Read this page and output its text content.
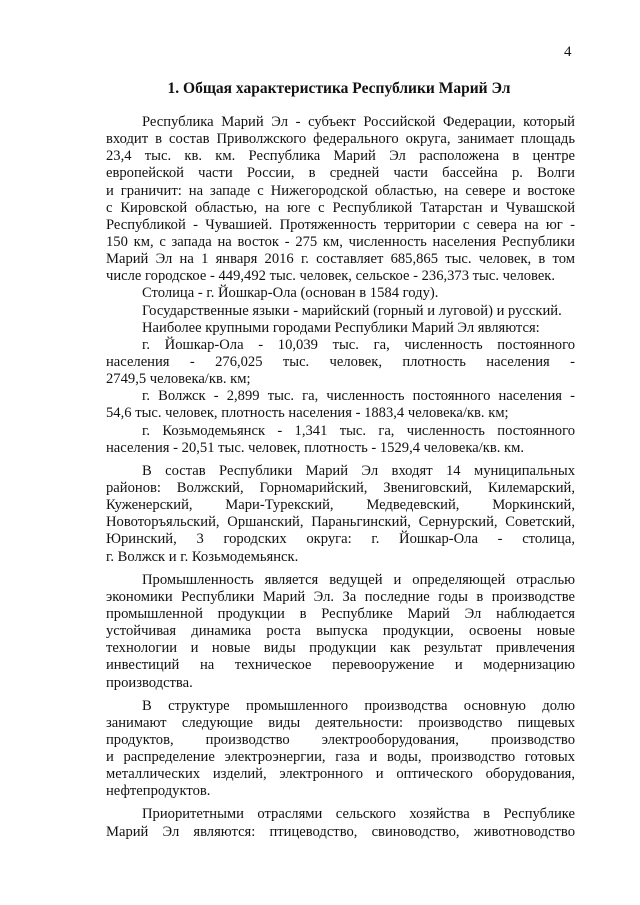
4
1. Общая характеристика Республики Марий Эл
Республика Марий Эл - субъект Российской Федерации, который
входит в состав Приволжского федерального округа, занимает площадь
23,4 тыс. кв. км. Республика Марий Эл расположена в центре
европейской части России, в средней части бассейна р. Волги
и граничит: на западе с Нижегородской областью, на севере и востоке
с Кировской областью, на юге с Республикой Татарстан и Чувашской
Республикой - Чувашией. Протяженность территории с севера на юг -
150 км, с запада на восток - 275 км, численность населения Республики
Марий Эл на 1 января 2016 г. составляет 685,865 тыс. человек, в том
числе городское - 449,492 тыс. человек, сельское - 236,373 тыс. человек.
Столица - г. Йошкар-Ола (основан в 1584 году).
Государственные языки - марийский (горный и луговой) и русский.
Наиболее крупными городами Республики Марий Эл являются:
г. Йошкар-Ола - 10,039 тыс. га, численность постоянного
населения - 276,025 тыс. человек, плотность населения -
2749,5 человека/кв. км;
г. Волжск - 2,899 тыс. га, численность постоянного населения -
54,6 тыс. человек, плотность населения - 1883,4 человека/кв. км;
г. Козьмодемьянск - 1,341 тыс. га, численность постоянного
населения - 20,51 тыс. человек, плотность - 1529,4 человека/кв. км.
В состав Республики Марий Эл входят 14 муниципальных
районов: Волжский, Горномарийский, Звениговский, Килемарский,
Куженерский, Мари-Турекский, Медведевский, Моркинский,
Новоторъяльский, Оршанский, Параньгинский, Сернурский, Советский,
Юринский, 3 городских округа: г. Йошкар-Ола - столица,
г. Волжск и г. Козьмодемьянск.
Промышленность является ведущей и определяющей отраслью
экономики Республики Марий Эл. За последние годы в производстве
промышленной продукции в Республике Марий Эл наблюдается
устойчивая динамика роста выпуска продукции, освоены новые
технологии и новые виды продукции как результат привлечения
инвестиций на техническое перевооружение и модернизацию
производства.
В структуре промышленного производства основную долю
занимают следующие виды деятельности: производство пищевых
продуктов, производство электрооборудования, производство
и распределение электроэнергии, газа и воды, производство готовых
металлических изделий, электронного и оптического оборудования,
нефтепродуктов.
Приоритетными отраслями сельского хозяйства в Республике
Марий Эл являются: птицеводство, свиноводство, животноводство
